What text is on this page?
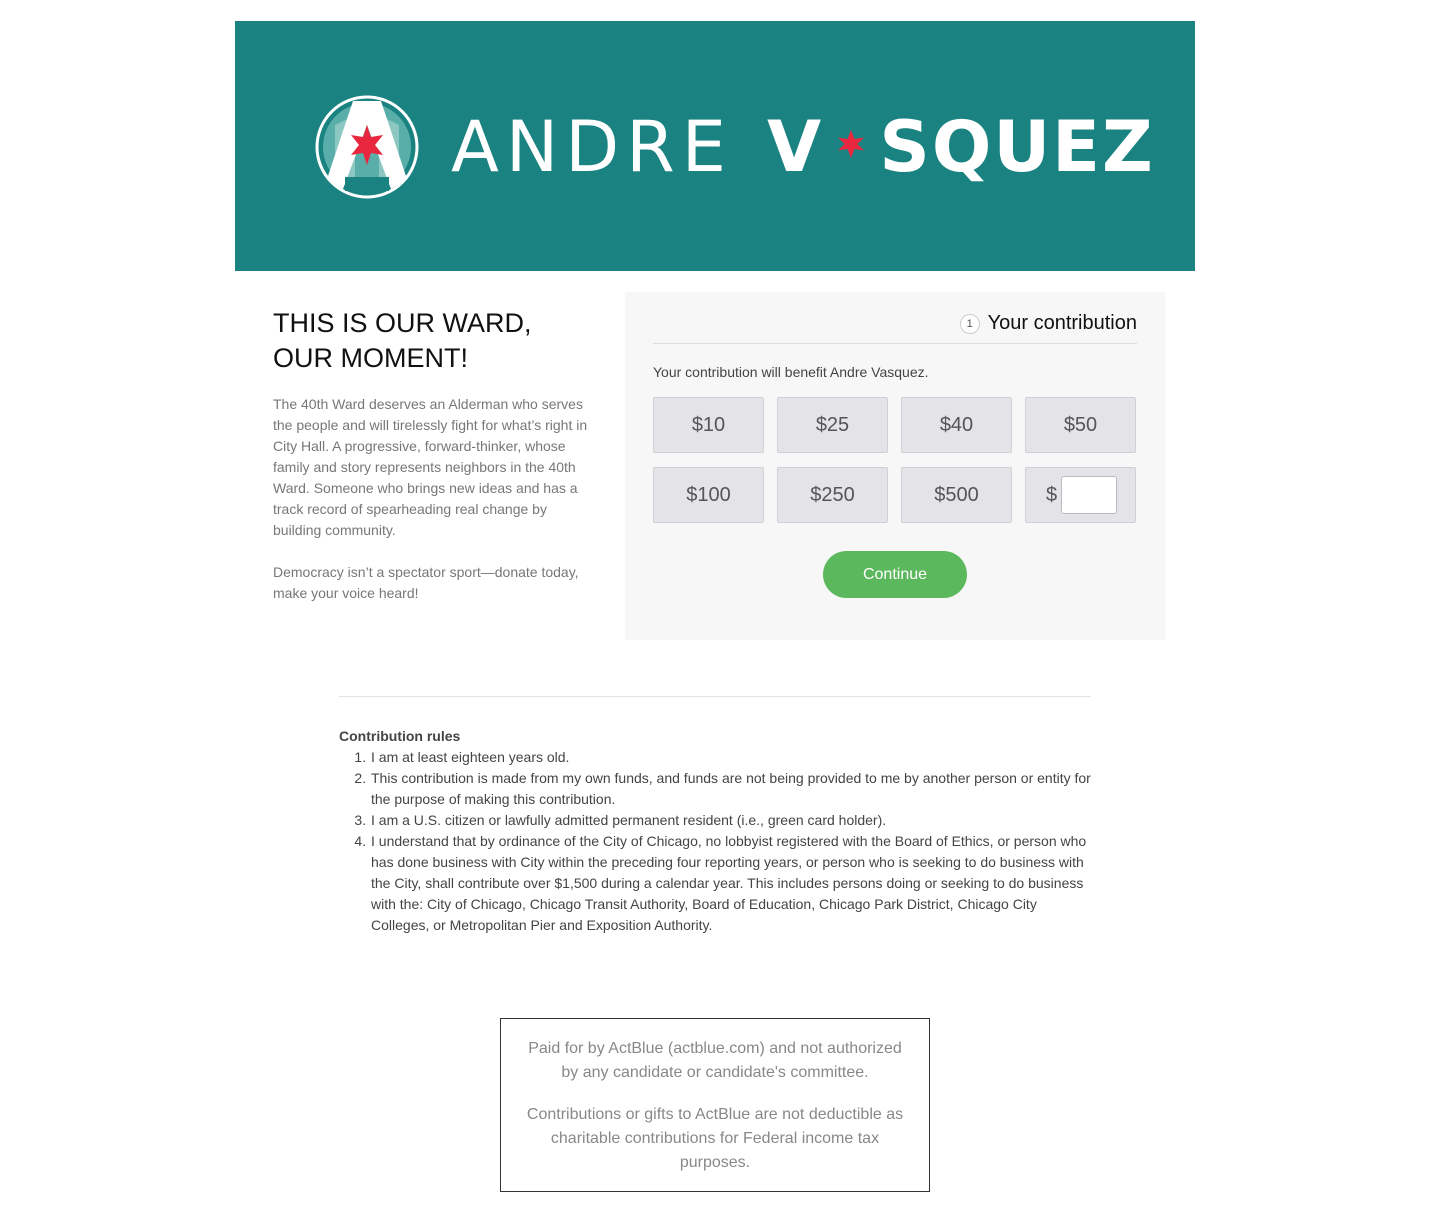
ANDRE V SQUEZ
THIS IS OUR WARD,
OUR MOMENT!

The 40th Ward deserves an Alderman who serves the people and will tirelessly fight for what’s right in City Hall. A progressive, forward-thinker, whose family and story represents neighbors in the 40th Ward. Someone who brings new ideas and has a track record of spearheading real change by building community.

Democracy isn’t a spectator sport—donate today, make your voice heard!

1 Your contribution
Your contribution will benefit Andre Vasquez.
$10	$25	$40	$50
$100	$250	$500	$
Continue
Contribution rules
1. I am at least eighteen years old.
2. This contribution is made from my own funds, and funds are not being provided to me by another person or entity for the purpose of making this contribution.
3. I am a U.S. citizen or lawfully admitted permanent resident (i.e., green card holder).
4. I understand that by ordinance of the City of Chicago, no lobbyist registered with the Board of Ethics, or person who has done business with City within the preceding four reporting years, or person who is seeking to do business with the City, shall contribute over $1,500 during a calendar year. This includes persons doing or seeking to do business with the: City of Chicago, Chicago Transit Authority, Board of Education, Chicago Park District, Chicago City Colleges, or Metropolitan Pier and Exposition Authority.

Paid for by ActBlue (actblue.com) and not authorized by any candidate or candidate's committee.

Contributions or gifts to ActBlue are not deductible as charitable contributions for Federal income tax purposes.
